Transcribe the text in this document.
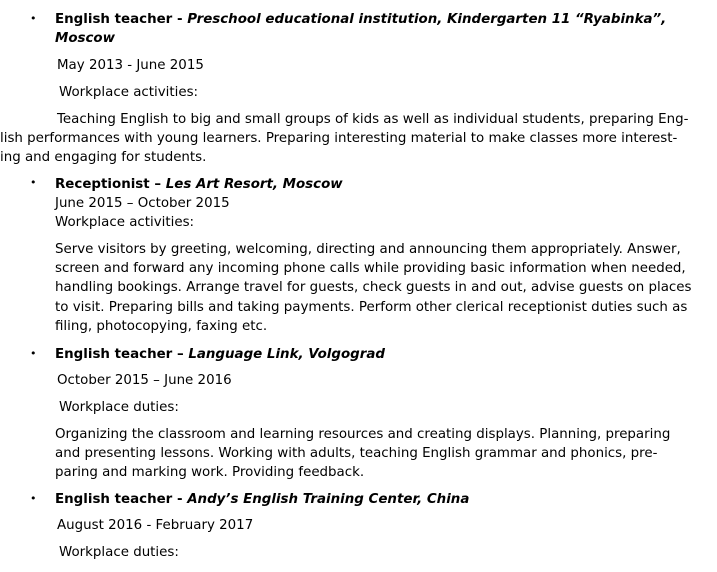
• English teacher - Preschool educational institution, Kindergarten 11 “Ryabinka”,
Moscow
May 2013 - June 2015
Workplace activities:
Teaching English to big and small groups of kids as well as individual students, preparing Eng-
lish performances with young learners. Preparing interesting material to make classes more interest-
ing and engaging for students.
• Receptionist – Les Art Resort, Moscow
June 2015 – October 2015
Workplace activities:
Serve visitors by greeting, welcoming, directing and announcing them appropriately. Answer,
screen and forward any incoming phone calls while providing basic information when needed,
handling bookings. Arrange travel for guests, check guests in and out, advise guests on places
to visit. Preparing bills and taking payments. Perform other clerical receptionist duties such as
filing, photocopying, faxing etc.
• English teacher – Language Link, Volgograd
October 2015 – June 2016
Workplace duties:
Organizing the classroom and learning resources and creating displays. Planning, preparing
and presenting lessons. Working with adults, teaching English grammar and phonics, pre-
paring and marking work. Providing feedback.
• English teacher - Andy’s English Training Center, China
August 2016 - February 2017
Workplace duties:
